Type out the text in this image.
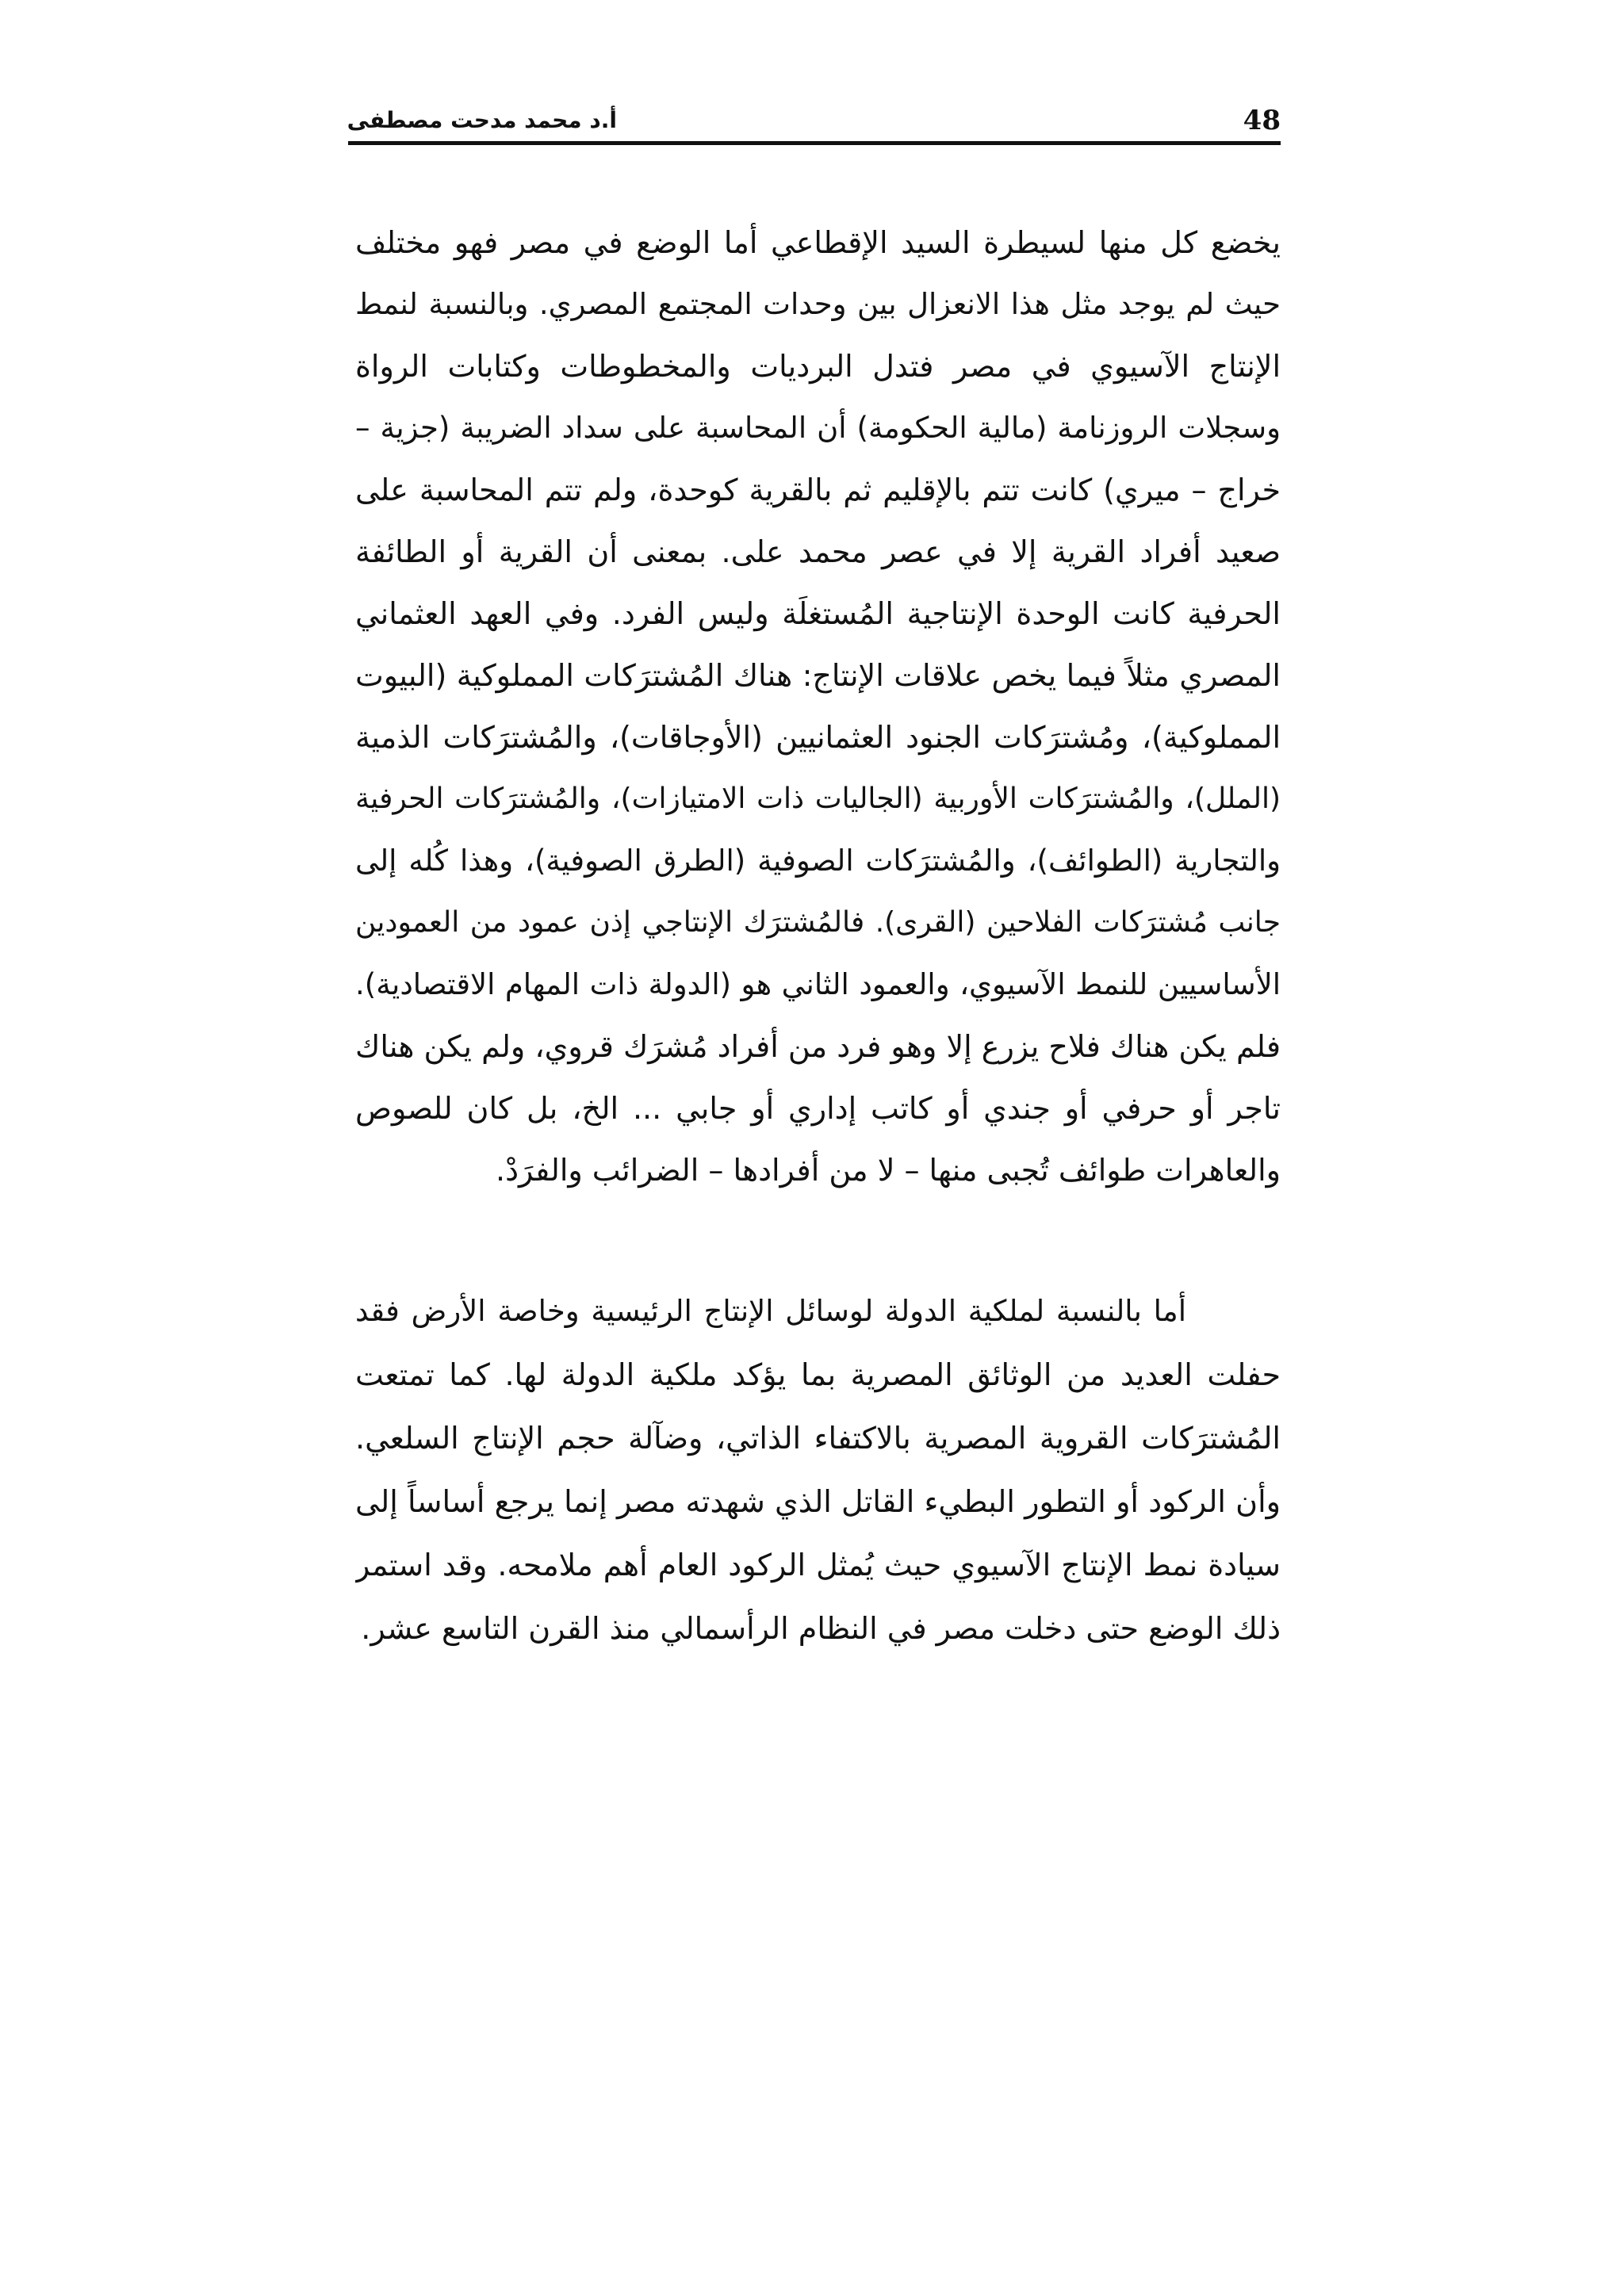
48
أ.د محمد مدحت مصطفى
يخضع كل منها لسيطرة السيد الإقطاعي أما الوضع في مصر فهو مختلف
حيث لم يوجد مثل هذا الانعزال بين وحدات المجتمع المصري. وبالنسبة لنمط
الإنتاج الآسيوي في مصر فتدل البرديات والمخطوطات وكتابات الرواة
وسجلات الروزنامة (مالية الحكومة) أن المحاسبة على سداد الضريبة (جزية –
خراج – ميري) كانت تتم بالإقليم ثم بالقرية كوحدة، ولم تتم المحاسبة على
صعيد أفراد القرية إلا في عصر محمد على. بمعنى أن القرية أو الطائفة
الحرفية كانت الوحدة الإنتاجية المُستغلَة وليس الفرد. وفي العهد العثماني
المصري مثلاً فيما يخص علاقات الإنتاج: هناك المُشترَكات المملوكية (البيوت
المملوكية)، ومُشترَكات الجنود العثمانيين (الأوجاقات)، والمُشترَكات الذمية
(الملل)، والمُشترَكات الأوربية (الجاليات ذات الامتيازات)، والمُشترَكات الحرفية
والتجارية (الطوائف)، والمُشترَكات الصوفية (الطرق الصوفية)، وهذا كُله إلى
جانب مُشترَكات الفلاحين (القرى). فالمُشترَك الإنتاجي إذن عمود من العمودين
الأساسيين للنمط الآسيوي، والعمود الثاني هو (الدولة ذات المهام الاقتصادية).
فلم يكن هناك فلاح يزرع إلا وهو فرد من أفراد مُشرَك قروي، ولم يكن هناك
تاجر أو حرفي أو جندي أو كاتب إداري أو جابي ... الخ، بل كان للصوص
والعاهرات طوائف تُجبى منها – لا من أفرادها – الضرائب والفرَدْ.
أما بالنسبة لملكية الدولة لوسائل الإنتاج الرئيسية وخاصة الأرض فقد
حفلت العديد من الوثائق المصرية بما يؤكد ملكية الدولة لها. كما تمتعت
المُشترَكات القروية المصرية بالاكتفاء الذاتي، وضآلة حجم الإنتاج السلعي.
وأن الركود أو التطور البطيء القاتل الذي شهدته مصر إنما يرجع أساساً إلى
سيادة نمط الإنتاج الآسيوي حيث يُمثل الركود العام أهم ملامحه. وقد استمر
ذلك الوضع حتى دخلت مصر في النظام الرأسمالي منذ القرن التاسع عشر.
